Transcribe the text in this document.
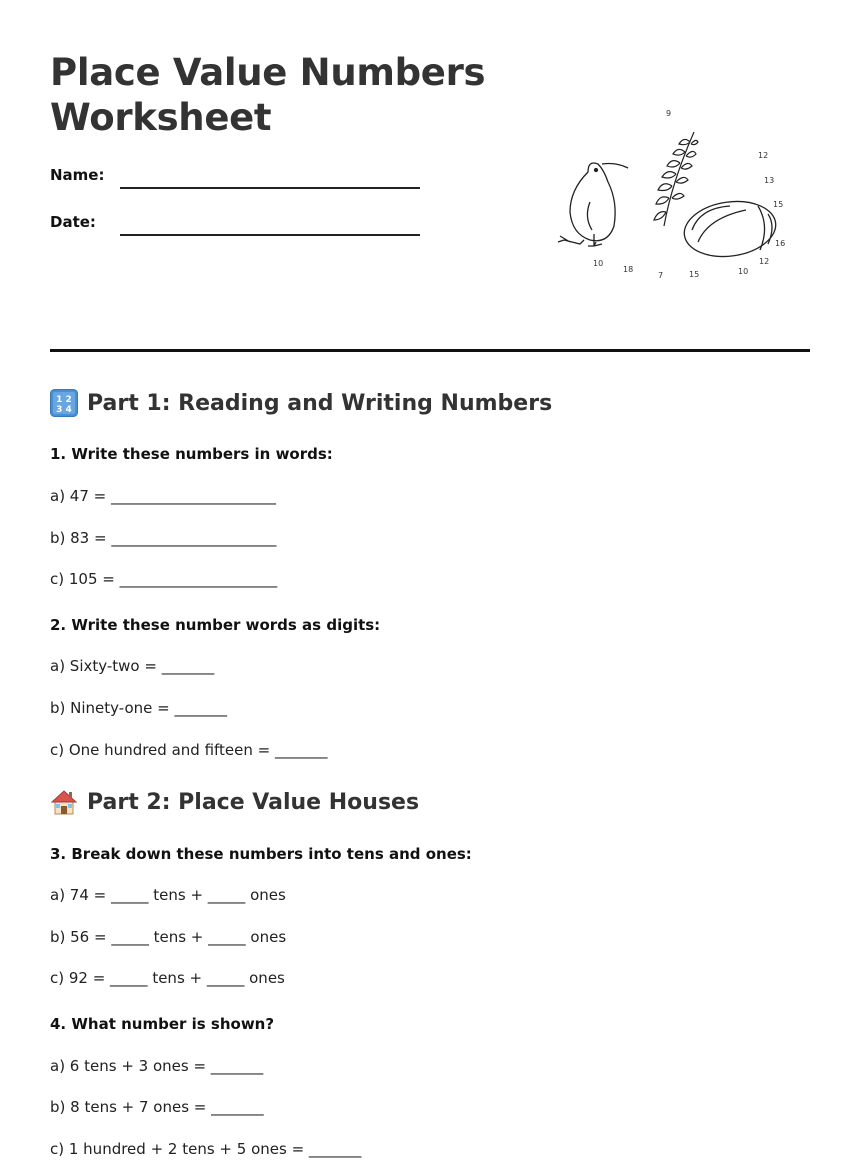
Place Value Numbers
Worksheet
Name:
Date:
9
12
13
15
16
12
10
15
7
18
10
1 2
3 4 Part 1: Reading and Writing Numbers
1. Write these numbers in words:
a) 47 = ______________________
b) 83 = ______________________
c) 105 = _____________________
2. Write these number words as digits:
a) Sixty-two = _______
b) Ninety-one = _______
c) One hundred and fifteen = _______
Part 2: Place Value Houses
3. Break down these numbers into tens and ones:
a) 74 = _____ tens + _____ ones
b) 56 = _____ tens + _____ ones
c) 92 = _____ tens + _____ ones
4. What number is shown?
a) 6 tens + 3 ones = _______
b) 8 tens + 7 ones = _______
c) 1 hundred + 2 tens + 5 ones = _______
